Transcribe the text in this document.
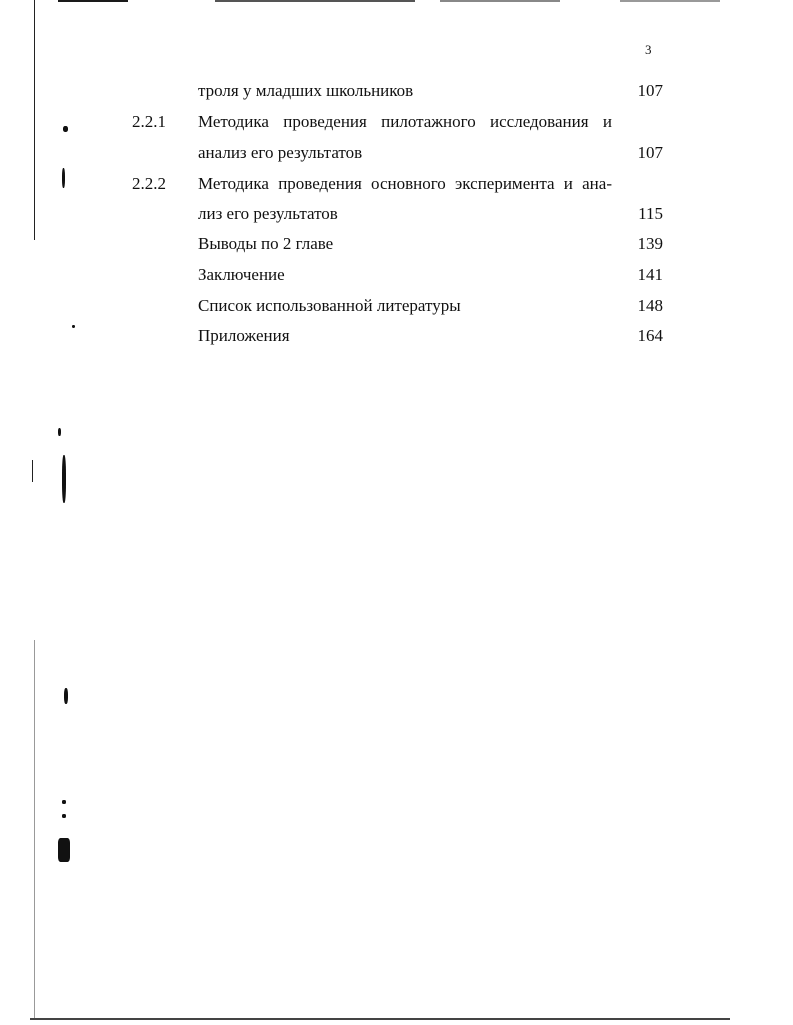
3
троля у младших школьников	107
2.2.1 Методика проведения пилотажного исследования и
анализ его результатов	107
2.2.2 Методика проведения основного эксперимента и ана-
лиз его результатов	115
Выводы по 2 главе	139
Заключение	141
Список использованной литературы	148
Приложения	164
